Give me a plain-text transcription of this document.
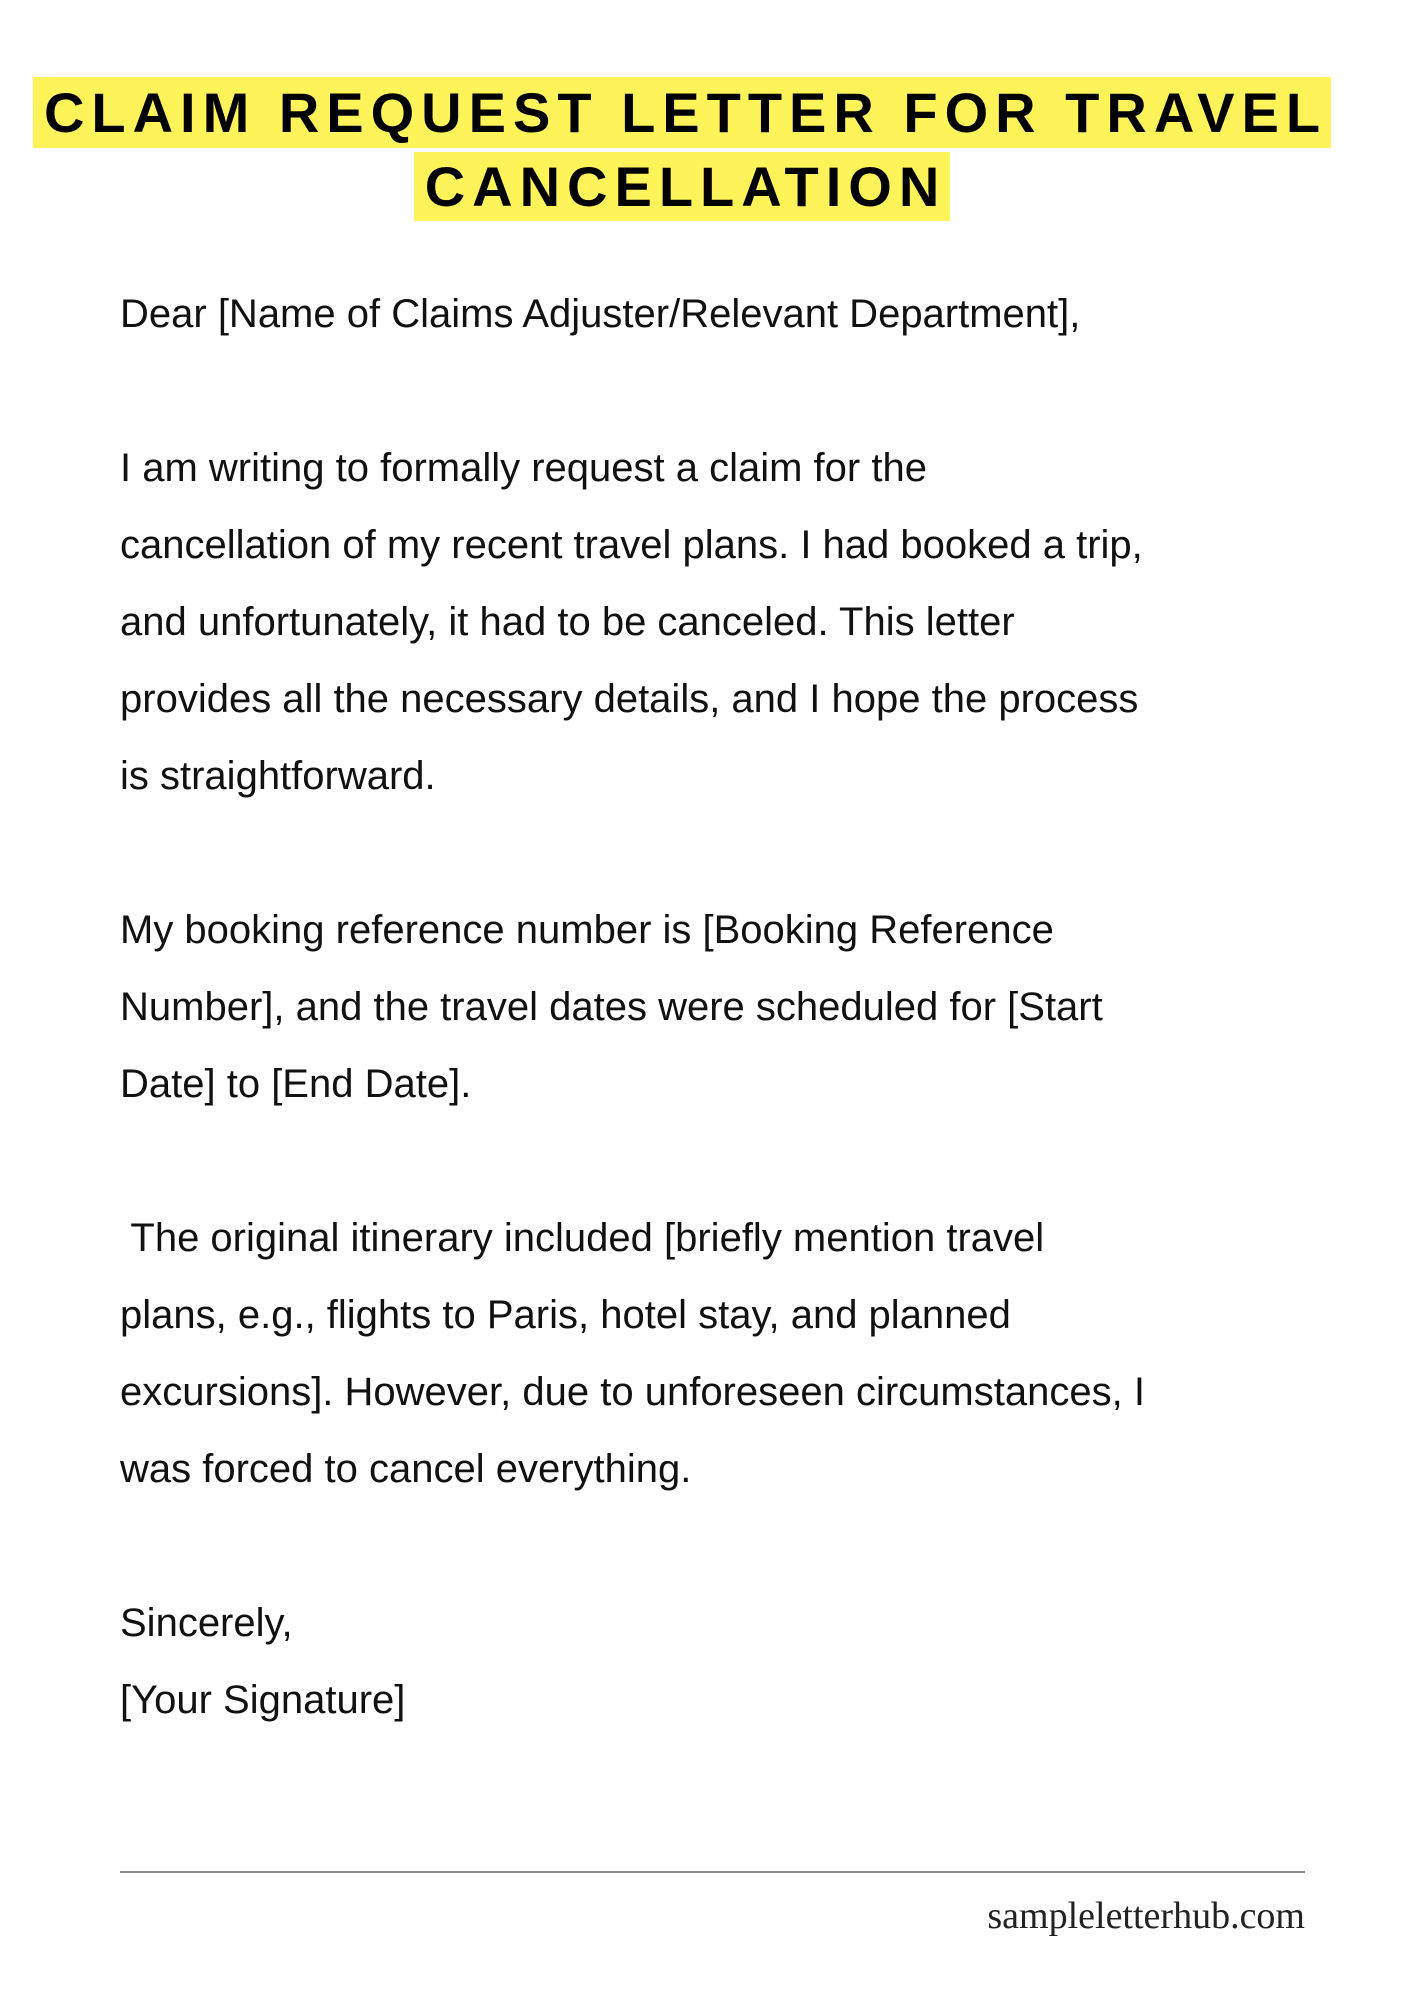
CLAIM REQUEST LETTER FOR TRAVEL
CANCELLATION
Dear [Name of Claims Adjuster/Relevant Department],
I am writing to formally request a claim for the
cancellation of my recent travel plans. I had booked a trip,
and unfortunately, it had to be canceled. This letter
provides all the necessary details, and I hope the process
is straightforward.
My booking reference number is [Booking Reference
Number], and the travel dates were scheduled for [Start
Date] to [End Date].
The original itinerary included [briefly mention travel
plans, e.g., flights to Paris, hotel stay, and planned
excursions]. However, due to unforeseen circumstances, I
was forced to cancel everything.
Sincerely,
[Your Signature]
sampleletterhub.com
